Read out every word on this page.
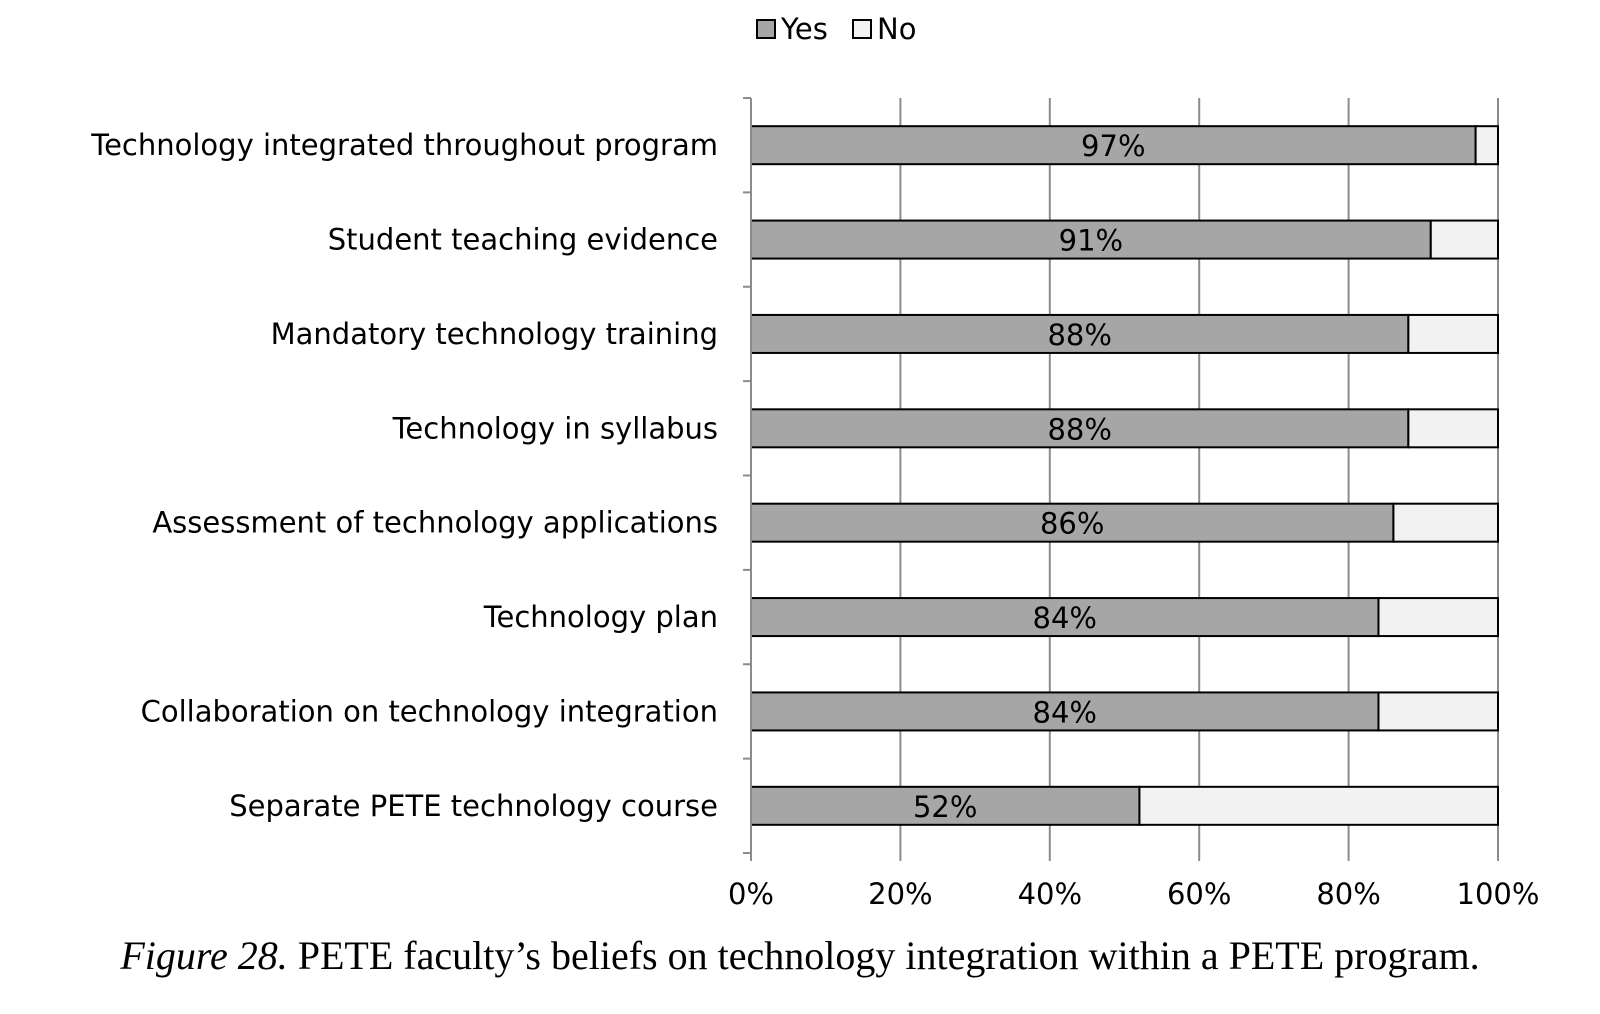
Yes No
0%	20%	40%	60%	80%	100%
97%
Technology integrated throughout program
91%
Student teaching evidence
88%
Mandatory technology training
88%
Technology in syllabus
86%
Assessment of technology applications
84%
Technology plan
84%
Collaboration on technology integration
52%
Separate PETE technology course

Figure 28. PETE faculty’s beliefs on technology integration within a PETE program.
